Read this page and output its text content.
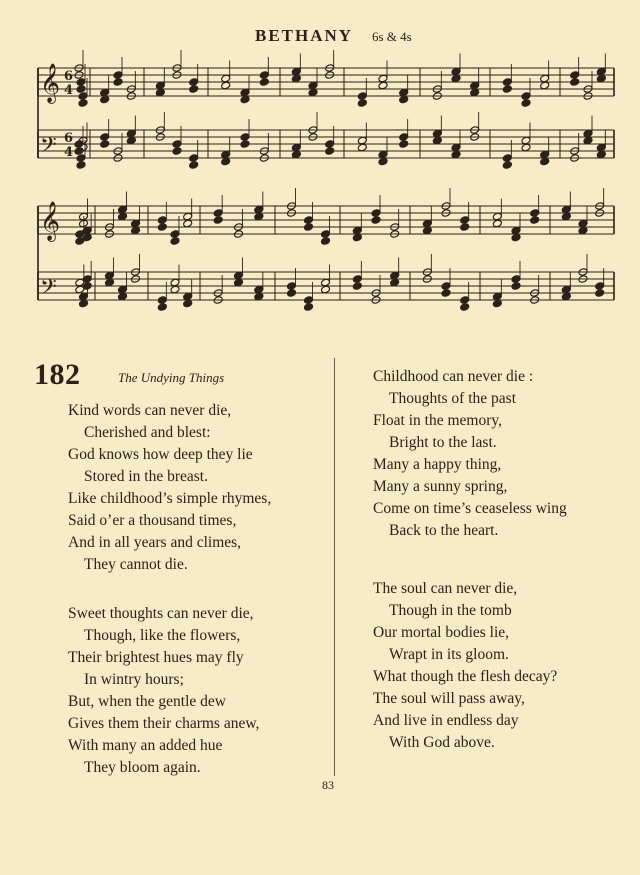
BETHANY 6s & 4s
𝄞
𝄢
𝄞
𝄢
6
4
6
4
182	The Undying Things
Kind words can never die,
Cherished and blest:
God knows how deep they lie
Stored in the breast.
Like childhood’s simple rhymes,
Said o’er a thousand times,
And in all years and climes,
They cannot die.
Sweet thoughts can never die,
Though, like the flowers,
Their brightest hues may fly
In wintry hours;
But, when the gentle dew
Gives them their charms anew,
With many an added hue
They bloom again.
Childhood can never die :
Thoughts of the past
Float in the memory,
Bright to the last.
Many a happy thing,
Many a sunny spring,
Come on time’s ceaseless wing
Back to the heart.
The soul can never die,
Though in the tomb
Our mortal bodies lie,
Wrapt in its gloom.
What though the flesh decay?
The soul will pass away,
And live in endless day
With God above.
83
